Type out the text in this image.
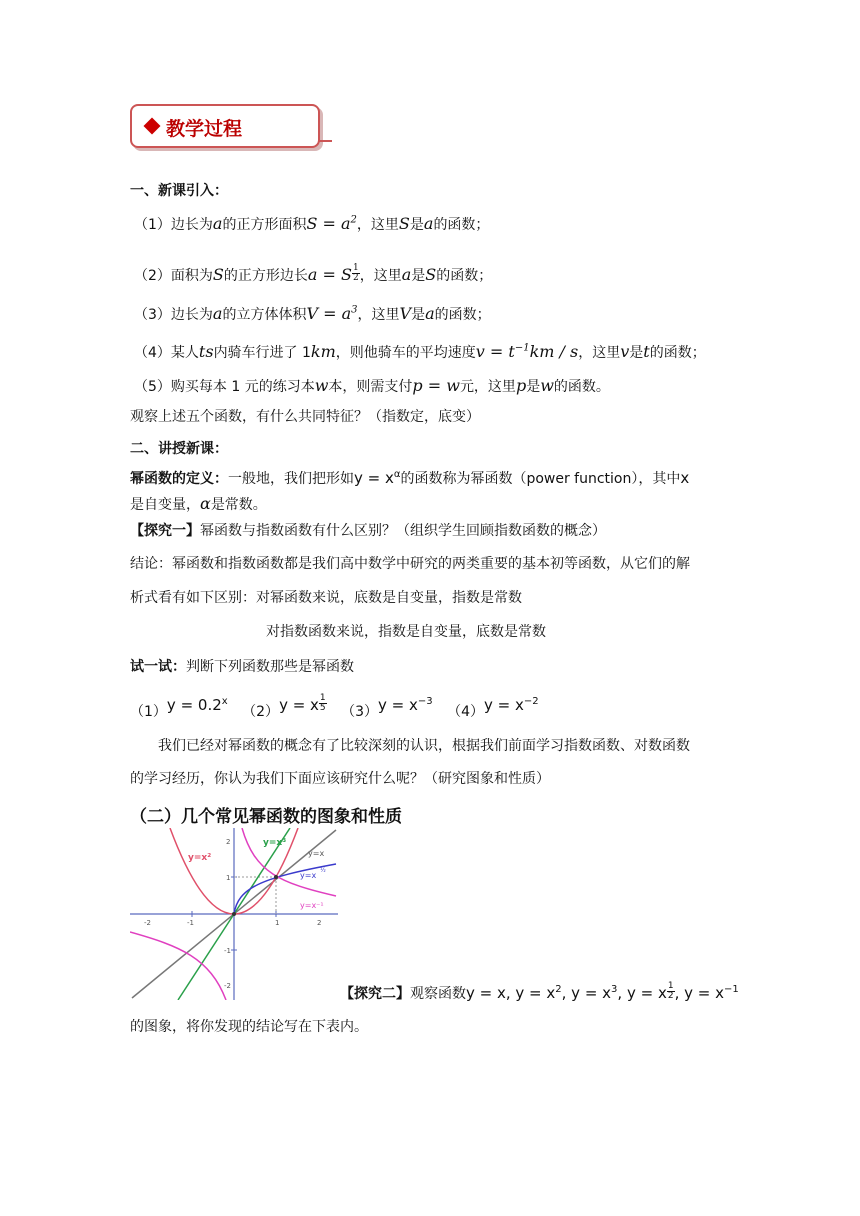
教学过程
一、新课引入：
（1）边长为a的正方形面积$S = a^2$，这里S是a的函数；
（2）面积为S的正方形边长a = S $\frac{1}{2}$ ，这里a是S的函数；
（3）边长为a的立方体体积$V = a^3$，这里V是a的函数；
（4）某人ts内骑车行进了 1km，则他骑车的平均速度$v = t^{-1}km / s$，这里v是t的函数；
（5）购买每本 1 元的练习本w本，则需支付p = w元，这里p是w的函数。
观察上述五个函数，有什么共同特征？（指数定，底变）
二、讲授新课：
幂函数的定义：一般地，我们把形如$y = x^\alpha$的函数称为幂函数（power function），其中x
是自变量，α是常数。
【探究一】幂函数与指数函数有什么区别？（组织学生回顾指数函数的概念）
结论：幂函数和指数函数都是我们高中数学中研究的两类重要的基本初等函数，从它们的解
析式看有如下区别：对幂函数来说，底数是自变量，指数是常数
对指数函数来说，指数是自变量，底数是常数
试一试：判断下列函数那些是幂函数
$(1)y = 0.2^x$ （2）y = x $\frac{1}{5} (3)y = x^{-3}$ $(4)y = x^{-2}$
我们已经对幂函数的概念有了比较深刻的认识，根据我们前面学习指数函数、对数函数
的学习经历，你认为我们下面应该研究什么呢？（研究图象和性质）
（二）几个常见幂函数的图象和性质
-2	-1	1	2
2
1
-1
-2
y=x²
y=x³
y=x
y=x
½
y=x⁻¹
【探究二】观察函数y = x, $y = x^2$, $y = x^3$, y = x $\frac{1}{2}$ , $y = x^{-1}$
的图象，将你发现的结论写在下表内。
